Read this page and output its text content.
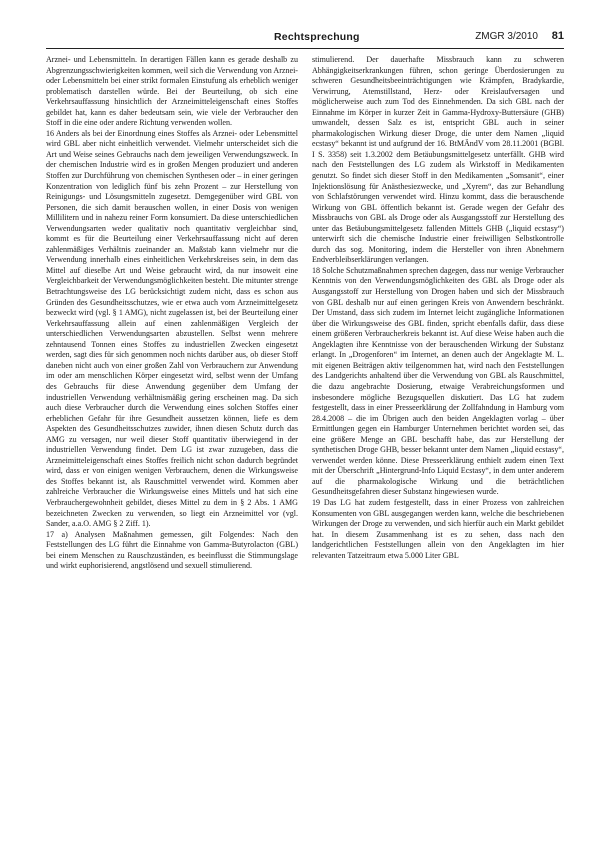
Rechtsprechung	ZMGR 3/2010 81

Arznei- und Lebensmitteln. In derartigen Fällen kann es gerade deshalb zu Abgrenzungsschwierigkeiten kommen, weil sich die Verwendung von Arznei- oder Lebensmitteln bei einer strikt formalen Einstufung als erheblich weniger problematisch darstellen würde. Bei der Beurteilung, ob sich eine Verkehrsauffassung hinsichtlich der Arzneimitteleigenschaft eines Stoffes gebildet hat, kann es daher bedeutsam sein, wie viele der Verbraucher den Stoff in die eine oder andere Richtung verwenden wollen.

16 Anders als bei der Einordnung eines Stoffes als Arznei- oder Lebensmittel wird GBL aber nicht einheitlich verwendet. Vielmehr unterscheidet sich die Art und Weise seines Gebrauchs nach dem jeweiligen Verwendungszweck. In der chemischen Industrie wird es in großen Mengen produziert und anderen Stoffen zur Durchführung von chemischen Synthesen oder – in einer geringen Konzentration von lediglich fünf bis zehn Prozent – zur Herstellung von Reinigungs- und Lösungsmitteln zugesetzt. Demgegenüber wird GBL von Personen, die sich damit berauschen wollen, in einer Dosis von wenigen Millilitern und in nahezu reiner Form konsumiert. Da diese unterschiedlichen Verwendungsarten weder qualitativ noch quantitativ vergleichbar sind, kommt es für die Beurteilung einer Verkehrsauffassung nicht auf deren zahlenmäßiges Verhältnis zueinander an. Maßstab kann vielmehr nur die Verwendung innerhalb eines einheitlichen Verkehrskreises sein, in dem das Mittel auf dieselbe Art und Weise gebraucht wird, da nur insoweit eine Vergleichbarkeit der Verwendungsmöglichkeiten besteht. Die mitunter strenge Betrachtungsweise des LG berücksichtigt zudem nicht, dass es schon aus Gründen des Gesundheitsschutzes, wie er etwa auch vom Arzneimittelgesetz bezweckt wird (vgl. § 1 AMG), nicht zugelassen ist, bei der Beurteilung einer Verkehrsauffassung allein auf einen zahlenmäßigen Vergleich der unterschiedlichen Verwendungsarten abzustellen. Selbst wenn mehrere zehntausend Tonnen eines Stoffes zu industriellen Zwecken eingesetzt werden, sagt dies für sich genommen noch nichts darüber aus, ob dieser Stoff daneben nicht auch von einer großen Zahl von Verbrauchern zur Anwendung im oder am menschlichen Körper eingesetzt wird, selbst wenn der Umfang des Gebrauchs für diese Anwendung gegenüber dem Umfang der industriellen Verwendung verhältnismäßig gering erscheinen mag. Da sich auch diese Verbraucher durch die Verwendung eines solchen Stoffes einer erheblichen Gefahr für ihre Gesundheit aussetzen können, liefe es dem Aspekten des Gesundheitsschutzes zuwider, ihnen diesen Schutz durch das AMG zu versagen, nur weil dieser Stoff quantitativ überwiegend in der industriellen Verwendung findet. Dem LG ist zwar zuzugeben, dass die Arzneimitteleigenschaft eines Stoffes freilich nicht schon dadurch begründet wird, dass er von einigen wenigen Verbrauchern, denen die Wirkungsweise des Stoffes bekannt ist, als Rauschmittel verwendet wird. Kommen aber zahlreiche Verbraucher die Wirkungsweise eines Mittels und hat sich eine Verbrauchergewohnheit gebildet, dieses Mittel zu dem in § 2 Abs. 1 AMG bezeichneten Zwecken zu verwenden, so liegt ein Arzneimittel vor (vgl. Sander, a.a.O. AMG § 2 Ziff. 1).

17 a) Analysen Maßnahmen gemessen, gilt Folgendes: Nach den Feststellungen des LG führt die Einnahme von Gamma-Butyrolacton (GBL) bei einem Menschen zu Rauschzuständen, es beeinflusst die Stimmungslage und wirkt euphorisierend, angstlösend und sexuell stimulierend.

stimulierend. Der dauerhafte Missbrauch kann zu schweren Abhängigkeitserkrankungen führen, schon geringe Überdosierungen zu schweren Gesundheitsbeeinträchtigungen wie Krämpfen, Bradykardie, Verwirrung, Atemstillstand, Herz- oder Kreislaufversagen und möglicherweise auch zum Tod des Einnehmenden. Da sich GBL nach der Einnahme im Körper in kurzer Zeit in Gamma-Hydroxy-Buttersäure (GHB) umwandelt, dessen Salz es ist, entspricht GBL auch in seiner pharmakologischen Wirkung dieser Droge, die unter dem Namen „liquid ecstasy“ bekannt ist und aufgrund der 16. BtMÄndV vom 28.11.2001 (BGBl. I S. 3358) seit 1.3.2002 dem Betäubungsmittelgesetz unterfällt. GHB wird nach den Feststellungen des LG zudem als Wirkstoff in Medikamenten genutzt. So findet sich dieser Stoff in den Medikamenten „Somsanit“, einer Injektionslösung für Anästhesiezwecke, und „Xyrem“, das zur Behandlung von Schlafstörungen verwendet wird. Hinzu kommt, dass die berauschende Wirkung von GBL öffentlich bekannt ist. Gerade wegen der Gefahr des Missbrauchs von GBL als Droge oder als Ausgangsstoff zur Herstellung des unter das Betäubungsmittelgesetz fallenden Mittels GHB („liquid ecstasy“) unterwirft sich die chemische Industrie einer freiwilligen Selbstkontrolle durch das sog. Monitoring, indem die Hersteller von ihren Abnehmern Endverbleibserklärungen verlangen.

18 Solche Schutzmaßnahmen sprechen dagegen, dass nur wenige Verbraucher Kenntnis von den Verwendungsmöglichkeiten des GBL als Droge oder als Ausgangsstoff zur Herstellung von Drogen haben und sich der Missbrauch von GBL deshalb nur auf einen geringen Kreis von Anwendern beschränkt. Der Umstand, dass sich zudem im Internet leicht zugängliche Informationen über die Wirkungsweise des GBL finden, spricht ebenfalls dafür, dass diese einem größeren Verbraucherkreis bekannt ist. Auf diese Weise haben auch die Angeklagten ihre Kenntnisse von der berauschenden Wirkung der Substanz erlangt. In „Drogenforen“ im Internet, an denen auch der Angeklagte M. L. mit eigenen Beiträgen aktiv teilgenommen hat, wird nach den Feststellungen des Landgerichts anhaltend über die Verwendung von GBL als Rauschmittel, die dazu angebrachte Dosierung, etwaige Verabreichungsformen und insbesondere mögliche Bezugsquellen diskutiert. Das LG hat zudem festgestellt, dass in einer Presseerklärung der Zollfahndung in Hamburg vom 28.4.2008 – die im Übrigen auch den beiden Angeklagten vorlag – über Ermittlungen gegen ein Hamburger Unternehmen berichtet worden sei, das eine größere Menge an GBL beschafft habe, das zur Herstellung der synthetischen Droge GHB, besser bekannt unter dem Namen „liquid ecstasy“, verwendet werden könne. Diese Presseerklärung enthielt zudem einen Text mit der Überschrift „Hintergrund-Info Liquid Ecstasy“, in dem unter anderem auf die pharmakologische Wirkung und die beträchtlichen Gesundheitsgefahren dieser Substanz hingewiesen wurde.

19 Das LG hat zudem festgestellt, dass in einer Prozess von zahlreichen Konsumenten von GBL ausgegangen werden kann, welche die beschriebenen Wirkungen der Droge zu verwenden, und sich hierfür auch ein Markt gebildet hat. In diesem Zusammenhang ist es zu sehen, dass nach den landgerichtlichen Feststellungen allein von den Angeklagten im hier relevanten Tatzeitraum etwa 5.000 Liter GBL
